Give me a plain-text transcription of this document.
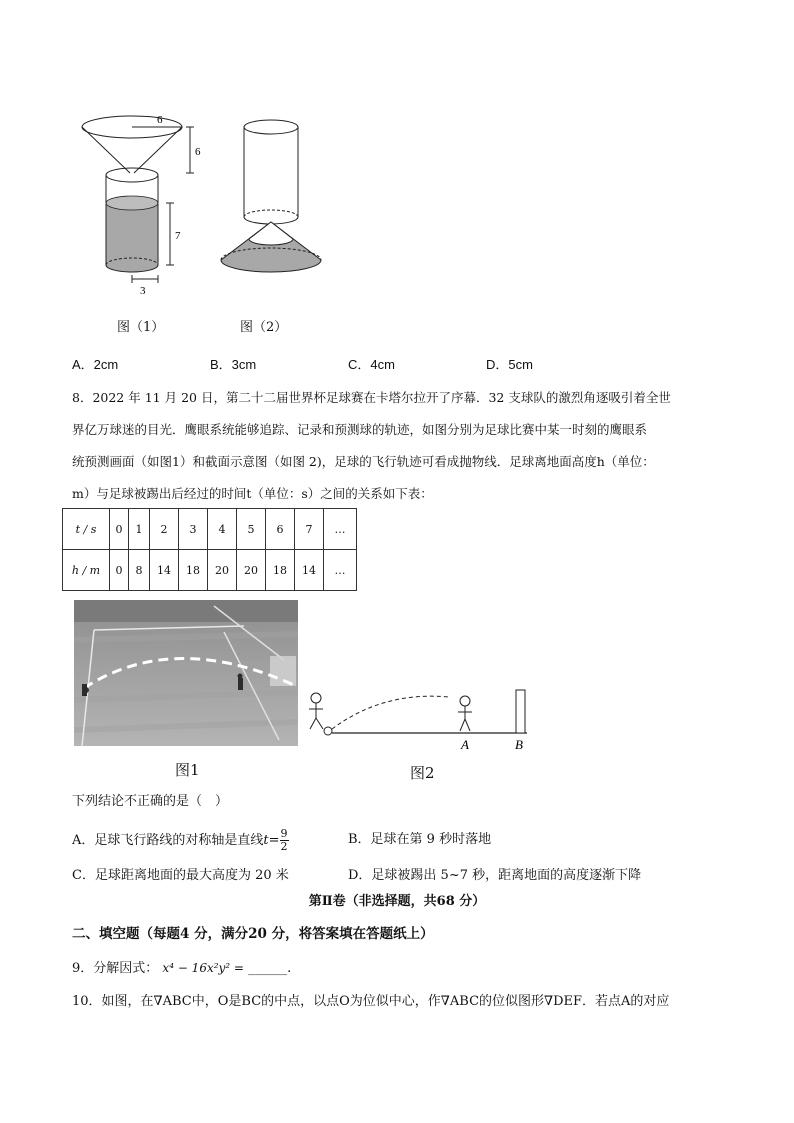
6
6
7
3
图（1）	图（2）
A．2cm	B．3cm	C．4cm	D．5cm
8．2022 年 11 月 20 日，第二十二届世界杯足球赛在卡塔尔拉开了序幕．32 支球队的激烈角逐吸引着全世
界亿万球迷的目光．鹰眼系统能够追踪、记录和预测球的轨迹，如图分别为足球比赛中某一时刻的鹰眼系
统预测画面（如图1）和截面示意图（如图 2)，足球的飞行轨迹可看成抛物线．足球离地面高度h（单位：
m）与足球被踢出后经过的时间t（单位：s）之间的关系如下表：
t / s	0	1	2	3	4	5	6	7	…
h / m	0	8	14	18	20	20	18	14	…
图1
A	B
图2
下列结论不正确的是（　）
A．足球飞行路线的对称轴是直线$t= \frac{9}{2}$	B．足球在第 9 秒时落地
C．足球距离地面的最大高度为 20 米	D．足球被踢出 5~7 秒，距离地面的高度逐渐下降
第Ⅱ卷（非选择题，共68 分）
二、填空题（每题4 分，满分20 分，将答案填在答题纸上）
9．分解因式： x⁴ − 16x²y² = ______.
10．如图，在∇ABC中，O是BC的中点，以点O为位似中心，作∇ABC的位似图形∇DEF．若点A的对应
